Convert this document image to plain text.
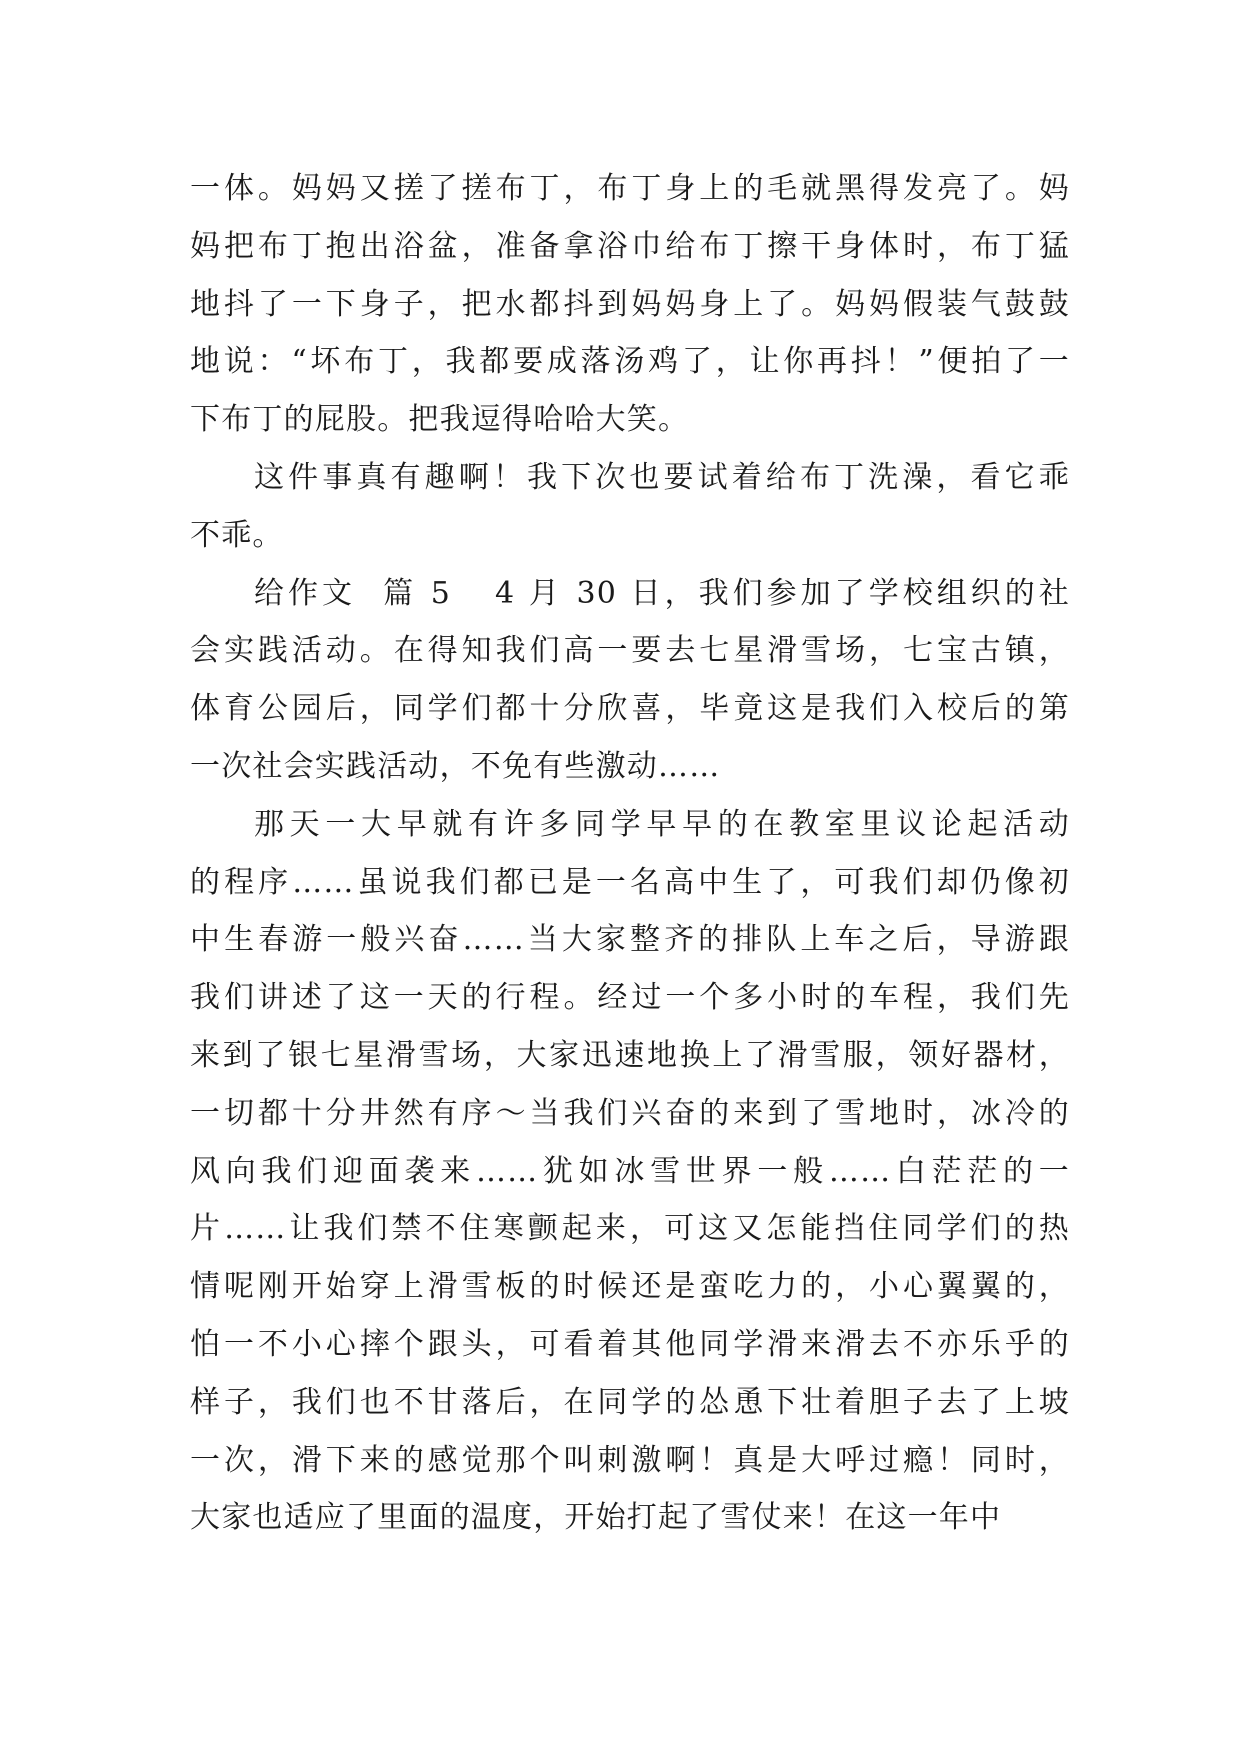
一体。妈妈又搓了搓布丁，布丁身上的毛就黑得发亮了。妈
妈把布丁抱出浴盆，准备拿浴巾给布丁擦干身体时，布丁猛
地抖了一下身子，把水都抖到妈妈身上了。妈妈假装气鼓鼓
地说：“坏布丁，我都要成落汤鸡了，让你再抖！”便拍了一
下布丁的屁股。把我逗得哈哈大笑。
这件事真有趣啊！我下次也要试着给布丁洗澡，看它乖
不乖。
给作文  篇 5 4 月 30 日，我们参加了学校组织的社
会实践活动。在得知我们高一要去七星滑雪场，七宝古镇，
体育公园后，同学们都十分欣喜，毕竟这是我们入校后的第
一次社会实践活动，不免有些激动……
那天一大早就有许多同学早早的在教室里议论起活动
的程序……虽说我们都已是一名高中生了，可我们却仍像初
中生春游一般兴奋……当大家整齐的排队上车之后，导游跟
我们讲述了这一天的行程。经过一个多小时的车程，我们先
来到了银七星滑雪场，大家迅速地换上了滑雪服，领好器材，
一切都十分井然有序～当我们兴奋的来到了雪地时，冰冷的
风向我们迎面袭来……犹如冰雪世界一般……白茫茫的一
片……让我们禁不住寒颤起来，可这又怎能挡住同学们的热
情呢刚开始穿上滑雪板的时候还是蛮吃力的，小心翼翼的，
怕一不小心摔个跟头，可看着其他同学滑来滑去不亦乐乎的
样子，我们也不甘落后，在同学的怂恿下壮着胆子去了上坡
一次，滑下来的感觉那个叫刺激啊！真是大呼过瘾！同时，
大家也适应了里面的温度，开始打起了雪仗来！在这一年中
